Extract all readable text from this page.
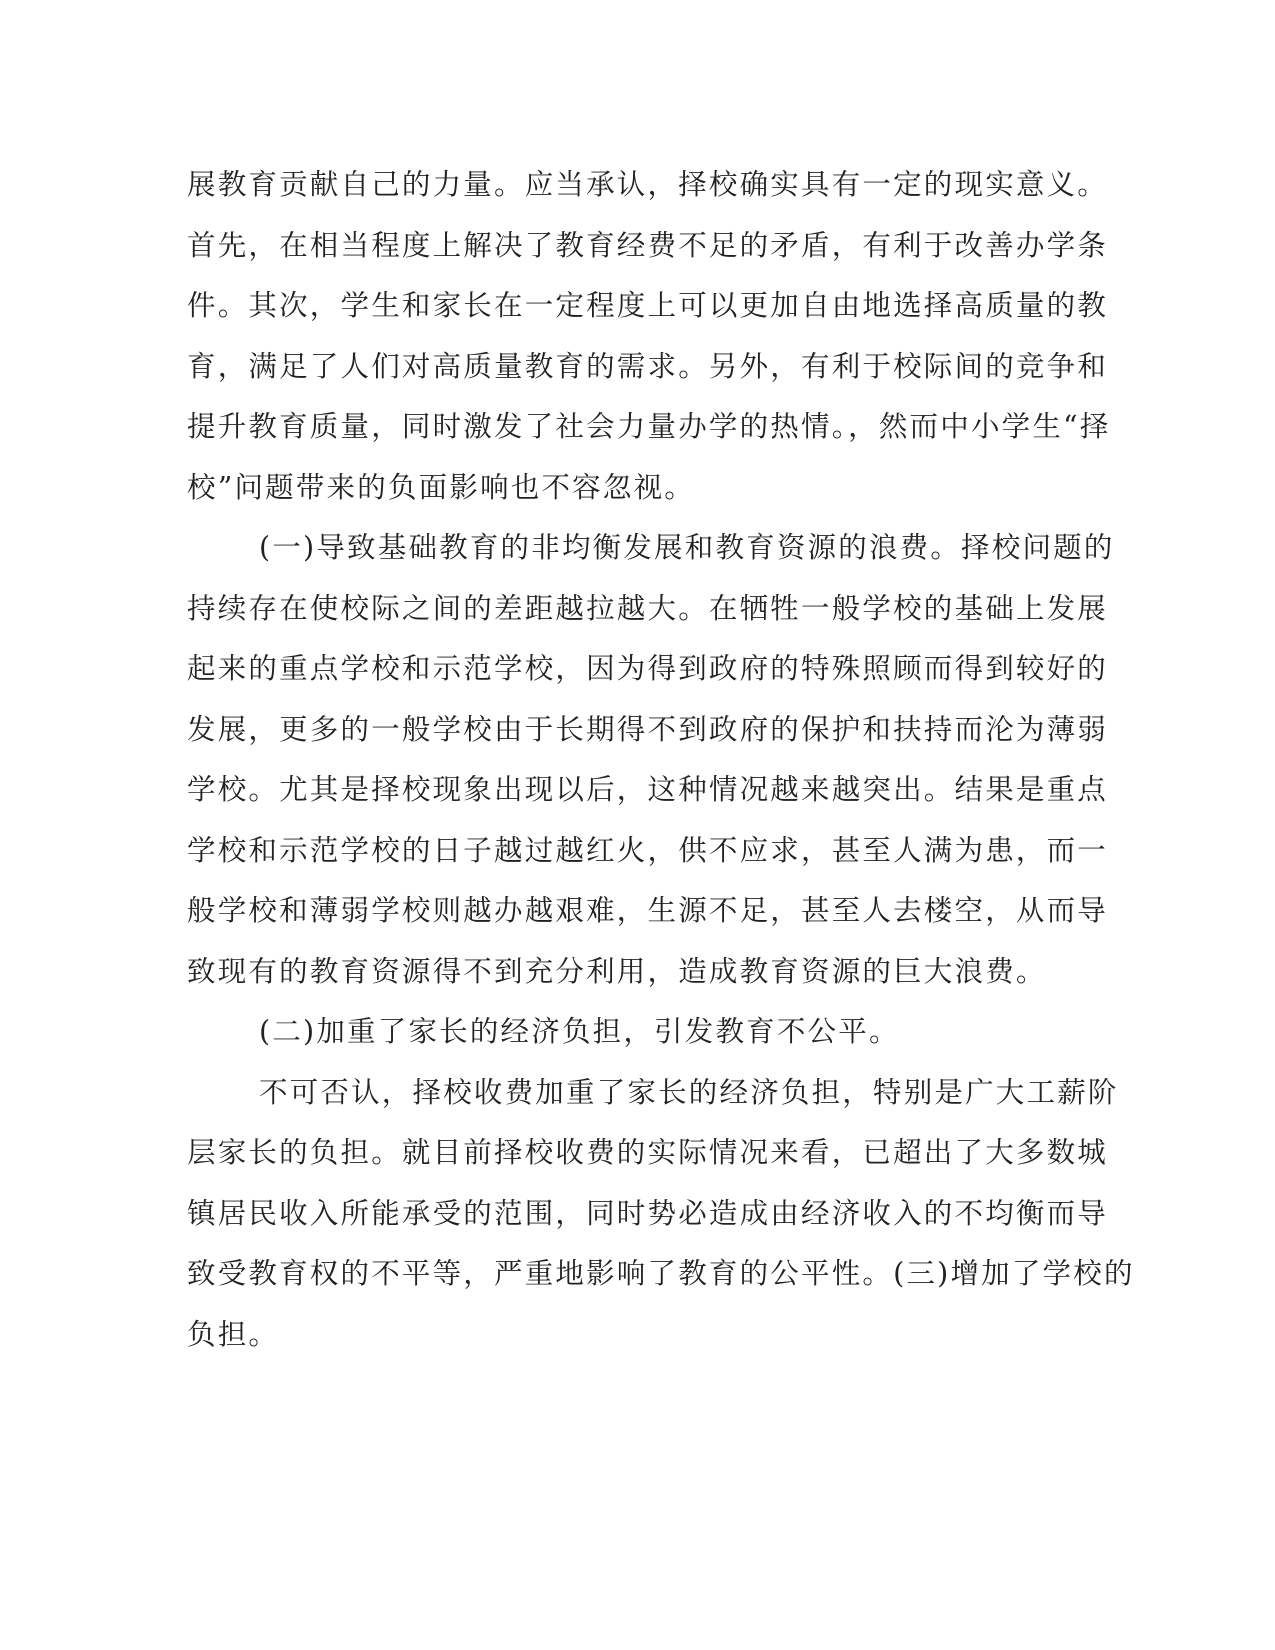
展教育贡献自己的力量。应当承认，择校确实具有一定的现实意义。
首先，在相当程度上解决了教育经费不足的矛盾，有利于改善办学条
件。其次，学生和家长在一定程度上可以更加自由地选择高质量的教
育，满足了人们对高质量教育的需求。另外，有利于校际间的竞争和
提升教育质量，同时激发了社会力量办学的热情。，然而中小学生“择
校”问题带来的负面影响也不容忽视。
(一)导致基础教育的非均衡发展和教育资源的浪费。择校问题的
持续存在使校际之间的差距越拉越大。在牺牲一般学校的基础上发展
起来的重点学校和示范学校，因为得到政府的特殊照顾而得到较好的
发展，更多的一般学校由于长期得不到政府的保护和扶持而沦为薄弱
学校。尤其是择校现象出现以后，这种情况越来越突出。结果是重点
学校和示范学校的日子越过越红火，供不应求，甚至人满为患，而一
般学校和薄弱学校则越办越艰难，生源不足，甚至人去楼空，从而导
致现有的教育资源得不到充分利用，造成教育资源的巨大浪费。
(二)加重了家长的经济负担，引发教育不公平。
不可否认，择校收费加重了家长的经济负担，特别是广大工薪阶
层家长的负担。就目前择校收费的实际情况来看，已超出了大多数城
镇居民收入所能承受的范围，同时势必造成由经济收入的不均衡而导
致受教育权的不平等，严重地影响了教育的公平性。(三)增加了学校的
负担。
